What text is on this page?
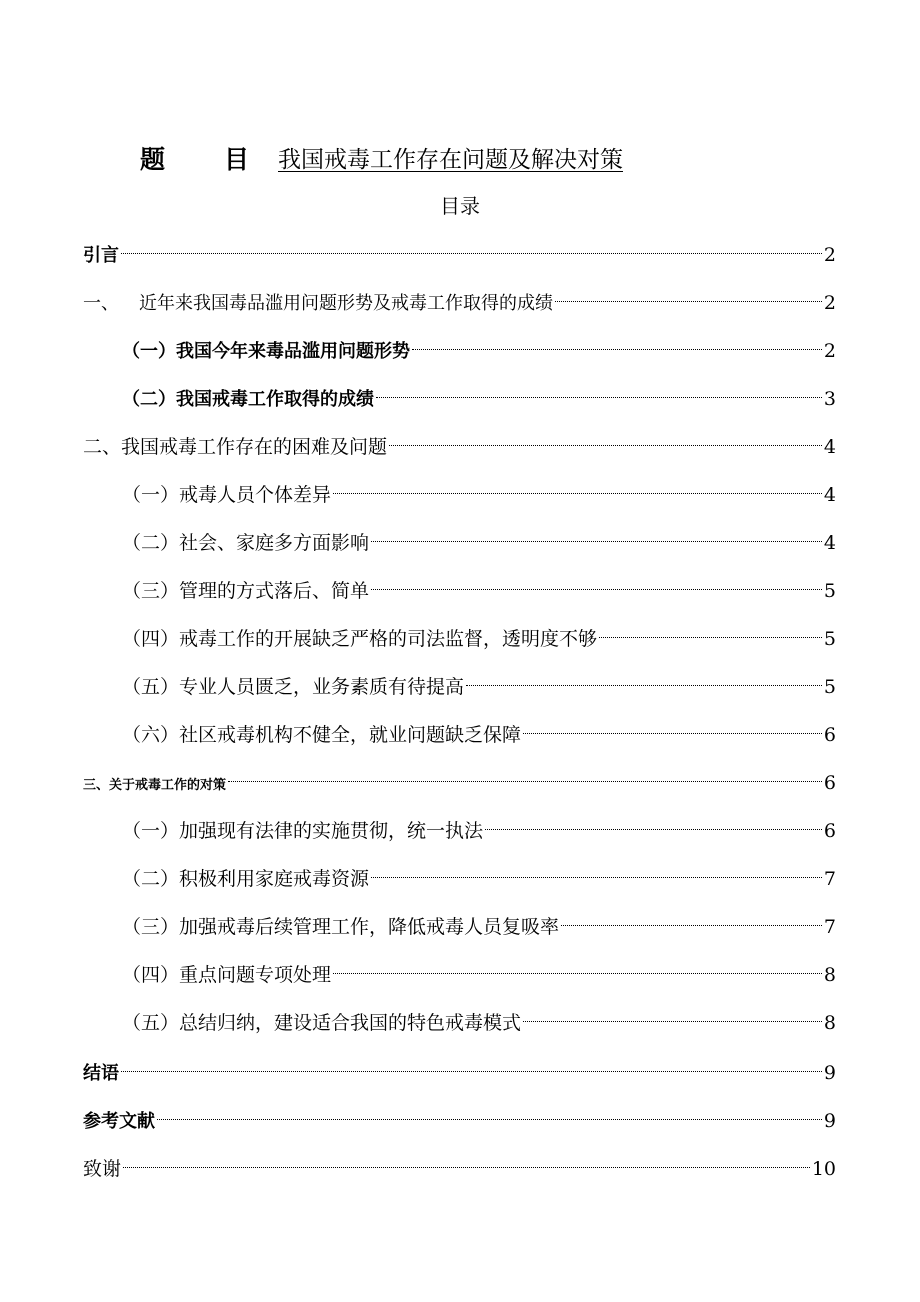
题 目	我国戒毒工作存在问题及解决对策
目录
引言	2
一、 近年来我国毒品滥用问题形势及戒毒工作取得的成绩	2
（一）我国今年来毒品滥用问题形势	2
（二）我国戒毒工作取得的成绩	3
二、我国戒毒工作存在的困难及问题	4
（一）戒毒人员个体差异	4
（二）社会、家庭多方面影响	4
（三）管理的方式落后、简单	5
（四）戒毒工作的开展缺乏严格的司法监督，透明度不够	5
（五）专业人员匮乏，业务素质有待提高	5
（六）社区戒毒机构不健全，就业问题缺乏保障	6
三、关于戒毒工作的对策	6
（一）加强现有法律的实施贯彻，统一执法	6
（二）积极利用家庭戒毒资源	7
（三）加强戒毒后续管理工作，降低戒毒人员复吸率	7
（四）重点问题专项处理	8
（五）总结归纳，建设适合我国的特色戒毒模式	8
结语	9
参考文献	9
致谢	10
